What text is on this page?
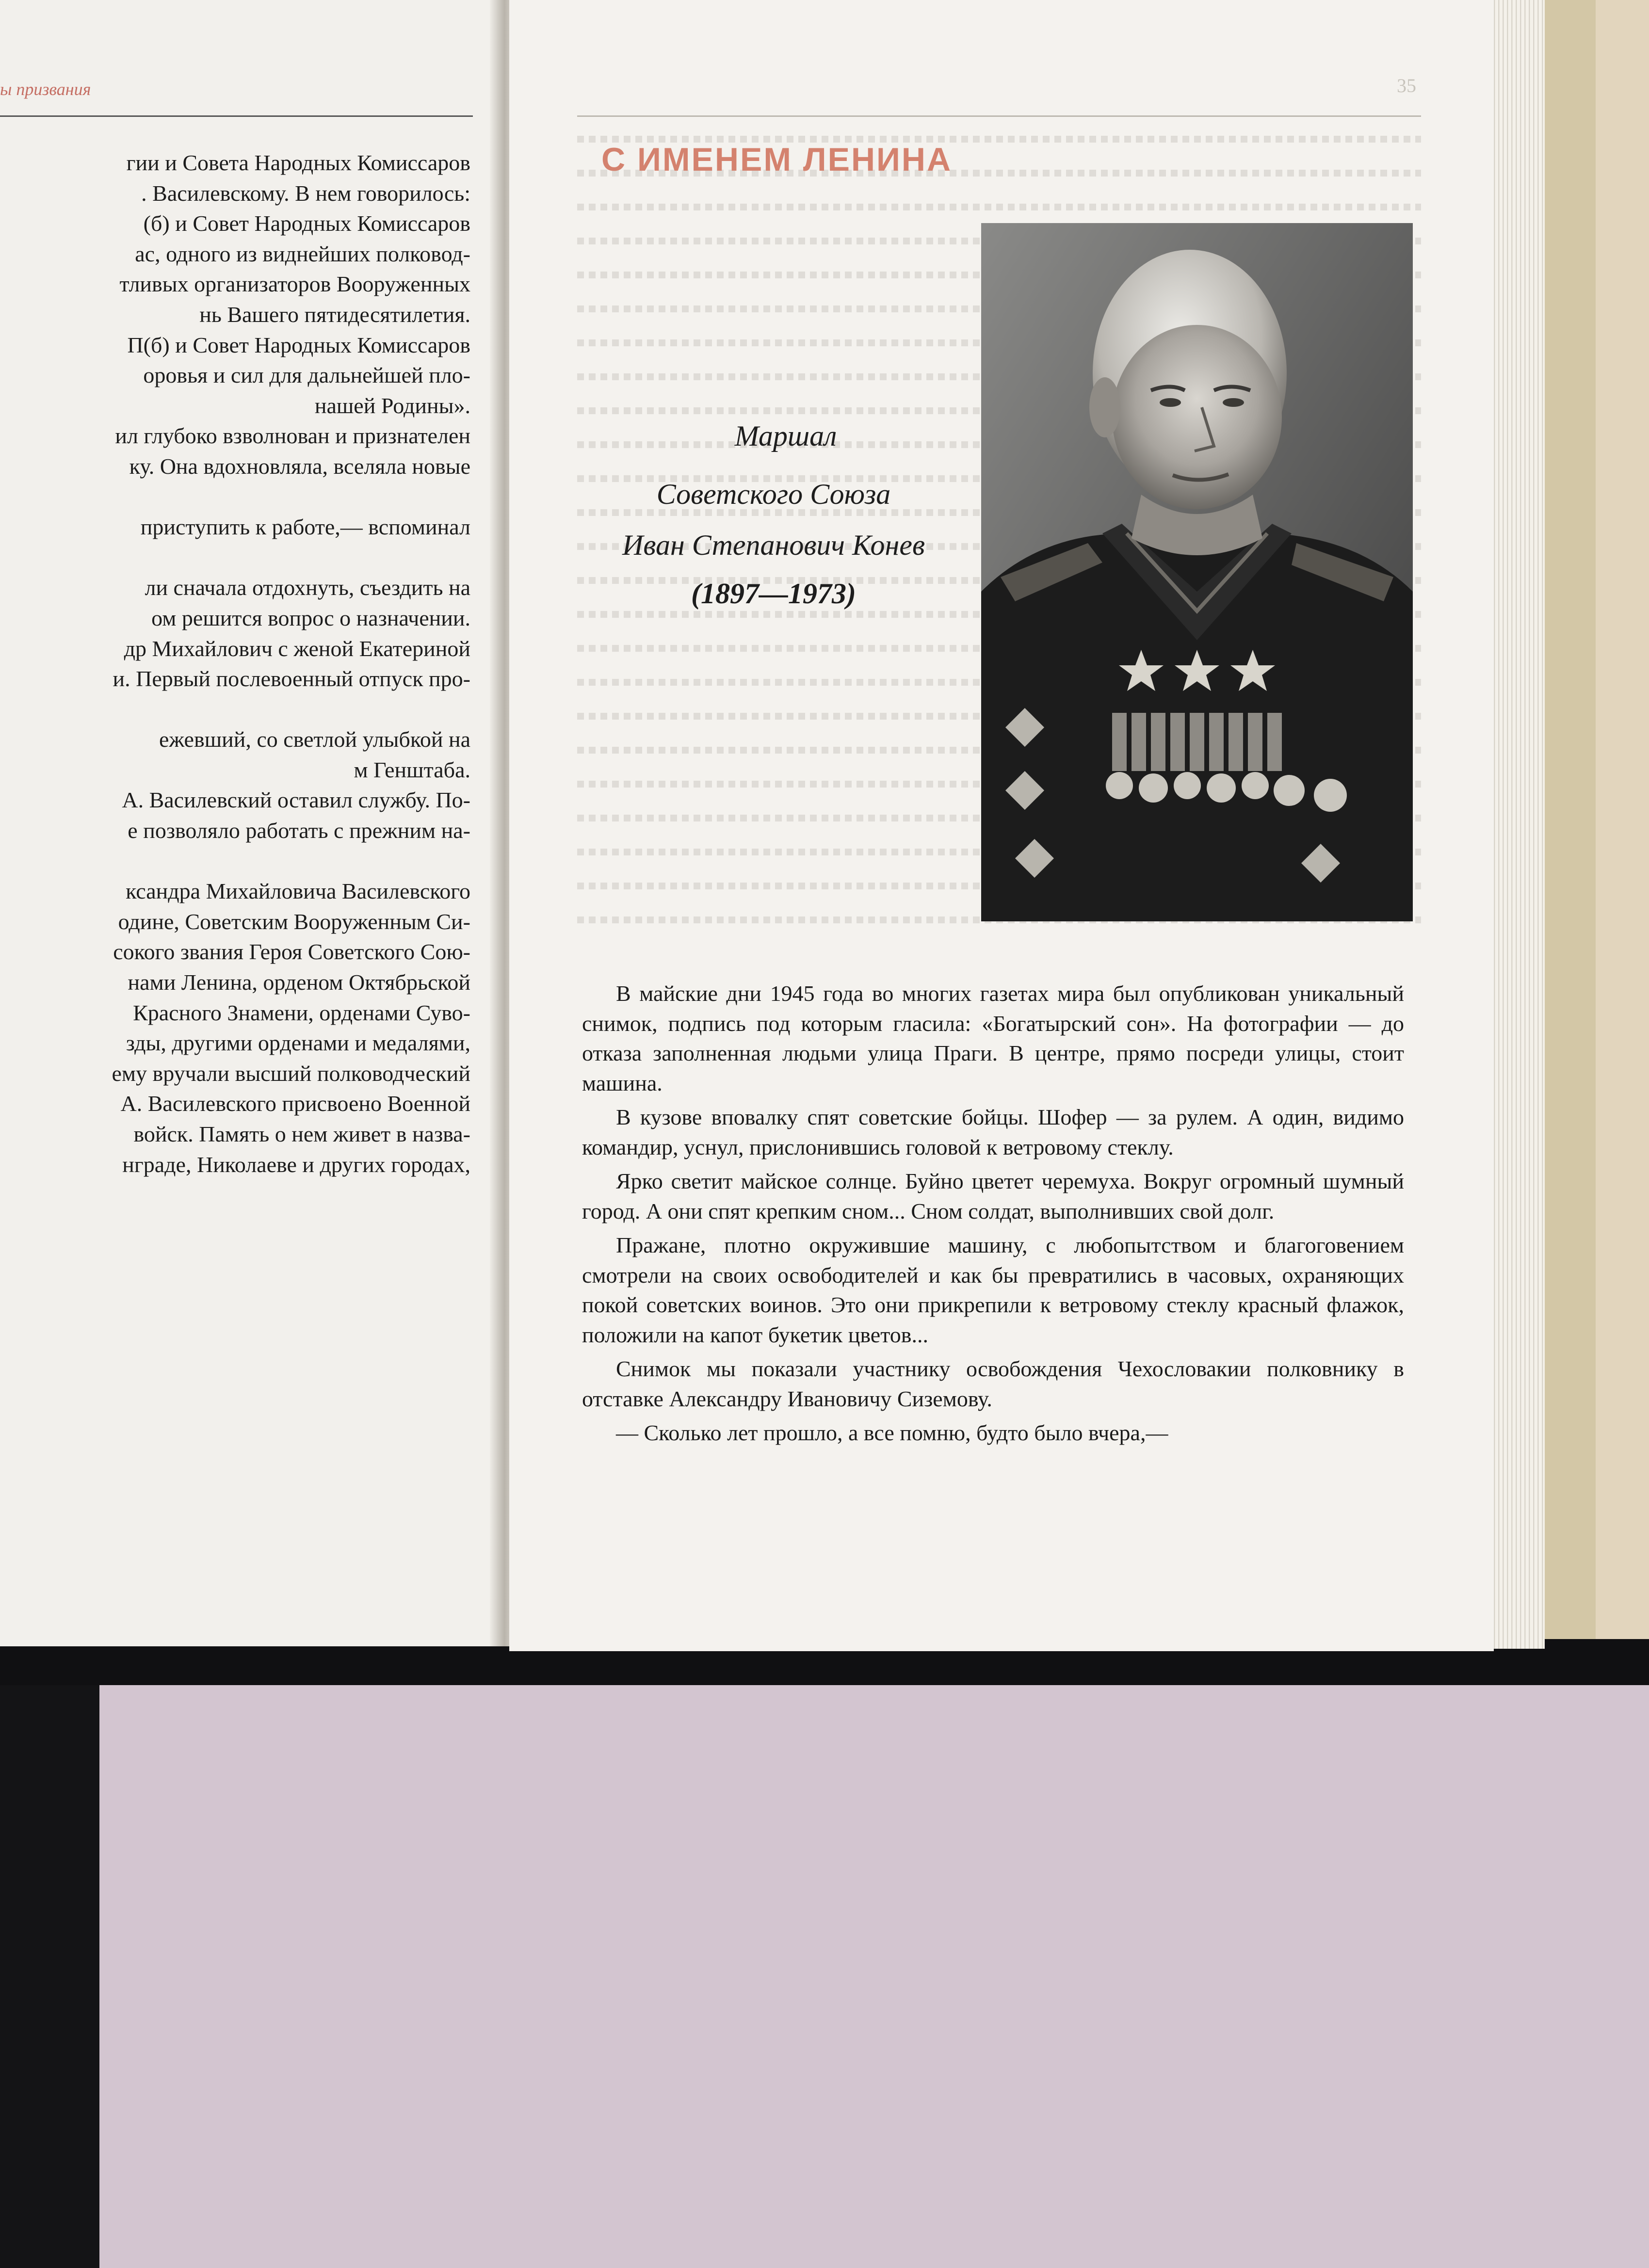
ы призвания
гии и Совета Народных Комиссаров
. Василевскому. В нем говорилось:
(б) и Совет Народных Комиссаров
ас, одного из виднейших полковод-
тливых организаторов Вооруженных
нь Вашего пятидесятилетия.
П(б) и Совет Народных Комиссаров
оровья и сил для дальнейшей пло-
нашей Родины».
ил глубоко взволнован и признателен
ку. Она вдохновляла, вселяла новые
приступить к работе,— вспоминал
ли сначала отдохнуть, съездить на
ом решится вопрос о назначении.
др Михайлович с женой Екатериной
и. Первый послевоенный отпуск про-
ежевший, со светлой улыбкой на
м Генштаба.
А. Василевский оставил службу. По-
е позволяло работать с прежним на-
ксандра Михайловича Василевского
одине, Советским Вооруженным Си-
сокого звания Героя Советского Сою-
нами Ленина, орденом Октябрьской
Красного Знамени, орденами Суво-
зды, другими орденами и медалями,
ему вручали высший полководческий
А. Василевского присвоено Военной
войск. Память о нем живет в назва-
нграде, Николаеве и других городах,
35
С ИМЕНЕМ ЛЕНИНА
Маршал
Советского Союза
Иван Степанович Конев
(1897—1973)

В майские дни 1945 года во многих газетах мира был опубликован уникальный снимок, подпись под которым гласила: «Богатырский сон». На фотографии — до отказа заполненная людьми улица Праги. В центре, прямо посреди улицы, стоит машина.

В кузове вповалку спят советские бойцы. Шофер — за рулем. А один, видимо командир, уснул, прислонившись головой к ветровому стеклу.

Ярко светит майское солнце. Буйно цветет черемуха. Вокруг огромный шумный город. А они спят крепким сном... Сном солдат, выполнивших свой долг.

Пражане, плотно окружившие машину, с любопытством и благоговением смотрели на своих освободителей и как бы превратились в часовых, охраняющих покой советских воинов. Это они прикрепили к ветровому стеклу красный флажок, положили на капот букетик цветов...

Снимок мы показали участнику освобождения Чехословакии полковнику в отставке Александру Ивановичу Сиземову.

— Сколько лет прошло, а все помню, будто было вчера,—
